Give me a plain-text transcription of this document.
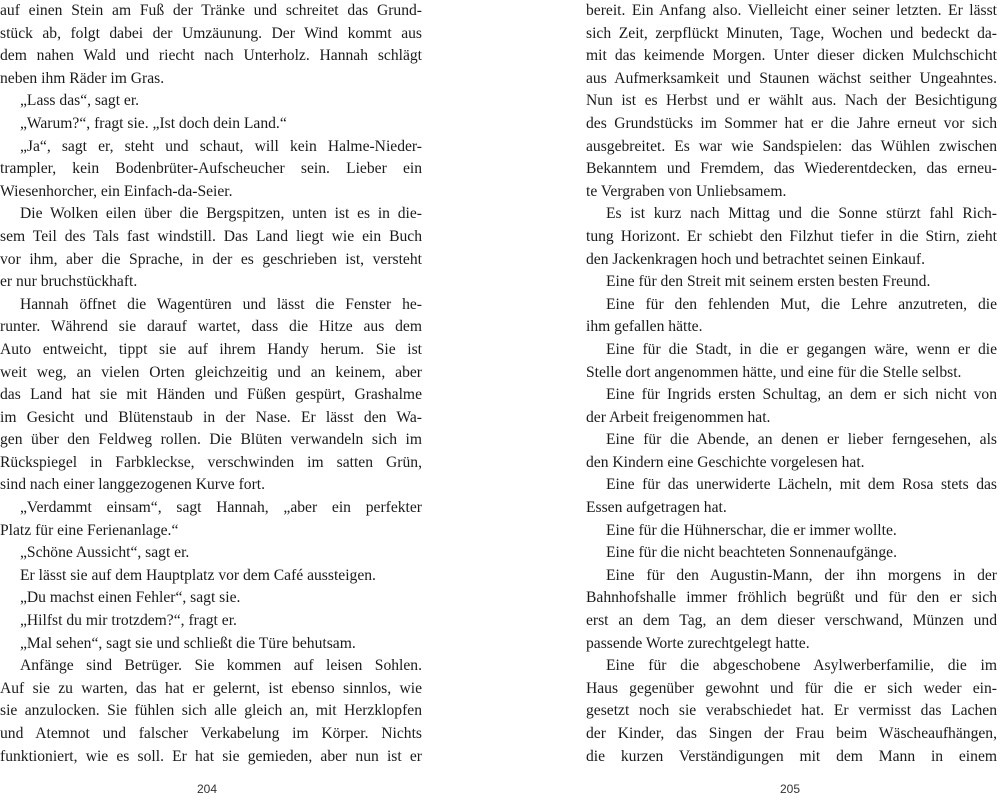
auf einen Stein am Fuß der Tränke und schreitet das Grund-
stück ab, folgt dabei der Umzäunung. Der Wind kommt aus
dem nahen Wald und riecht nach Unterholz. Hannah schlägt
neben ihm Räder im Gras.
„Lass das“, sagt er.
„Warum?“, fragt sie. „Ist doch dein Land.“
„Ja“, sagt er, steht und schaut, will kein Halme-Nieder-
trampler, kein Bodenbrüter-Aufscheucher sein. Lieber ein
Wiesenhorcher, ein Einfach-da-Seier.
Die Wolken eilen über die Bergspitzen, unten ist es in die-
sem Teil des Tals fast windstill. Das Land liegt wie ein Buch
vor ihm, aber die Sprache, in der es geschrieben ist, versteht
er nur bruchstückhaft.
Hannah öffnet die Wagentüren und lässt die Fenster he-
runter. Während sie darauf wartet, dass die Hitze aus dem
Auto entweicht, tippt sie auf ihrem Handy herum. Sie ist
weit weg, an vielen Orten gleichzeitig und an keinem, aber
das Land hat sie mit Händen und Füßen gespürt, Grashalme
im Gesicht und Blütenstaub in der Nase. Er lässt den Wa-
gen über den Feldweg rollen. Die Blüten verwandeln sich im
Rückspiegel in Farbkleckse, verschwinden im satten Grün,
sind nach einer langgezogenen Kurve fort.
„Verdammt einsam“, sagt Hannah, „aber ein perfekter
Platz für eine Ferienanlage.“
„Schöne Aussicht“, sagt er.
Er lässt sie auf dem Hauptplatz vor dem Café aussteigen.
„Du machst einen Fehler“, sagt sie.
„Hilfst du mir trotzdem?“, fragt er.
„Mal sehen“, sagt sie und schließt die Türe behutsam.
Anfänge sind Betrüger. Sie kommen auf leisen Sohlen.
Auf sie zu warten, das hat er gelernt, ist ebenso sinnlos, wie
sie anzulocken. Sie fühlen sich alle gleich an, mit Herzklopfen
und Atemnot und falscher Verkabelung im Körper. Nichts
funktioniert, wie es soll. Er hat sie gemieden, aber nun ist er
204
bereit. Ein Anfang also. Vielleicht einer seiner letzten. Er lässt
sich Zeit, zerpflückt Minuten, Tage, Wochen und bedeckt da-
mit das keimende Morgen. Unter dieser dicken Mulchschicht
aus Aufmerksamkeit und Staunen wächst seither Ungeahntes.
Nun ist es Herbst und er wählt aus. Nach der Besichtigung
des Grundstücks im Sommer hat er die Jahre erneut vor sich
ausgebreitet. Es war wie Sandspielen: das Wühlen zwischen
Bekanntem und Fremdem, das Wiederentdecken, das erneu-
te Vergraben von Unliebsamem.
Es ist kurz nach Mittag und die Sonne stürzt fahl Rich-
tung Horizont. Er schiebt den Filzhut tiefer in die Stirn, zieht
den Jackenkragen hoch und betrachtet seinen Einkauf.
Eine für den Streit mit seinem ersten besten Freund.
Eine für den fehlenden Mut, die Lehre anzutreten, die
ihm gefallen hätte.
Eine für die Stadt, in die er gegangen wäre, wenn er die
Stelle dort angenommen hätte, und eine für die Stelle selbst.
Eine für Ingrids ersten Schultag, an dem er sich nicht von
der Arbeit freigenommen hat.
Eine für die Abende, an denen er lieber ferngesehen, als
den Kindern eine Geschichte vorgelesen hat.
Eine für das unerwiderte Lächeln, mit dem Rosa stets das
Essen aufgetragen hat.
Eine für die Hühnerschar, die er immer wollte.
Eine für die nicht beachteten Sonnenaufgänge.
Eine für den Augustin-Mann, der ihn morgens in der
Bahnhofshalle immer fröhlich begrüßt und für den er sich
erst an dem Tag, an dem dieser verschwand, Münzen und
passende Worte zurechtgelegt hatte.
Eine für die abgeschobene Asylwerberfamilie, die im
Haus gegenüber gewohnt und für die er sich weder ein-
gesetzt noch sie verabschiedet hat. Er vermisst das Lachen
der Kinder, das Singen der Frau beim Wäscheaufhängen,
die kurzen Verständigungen mit dem Mann in einem
205
